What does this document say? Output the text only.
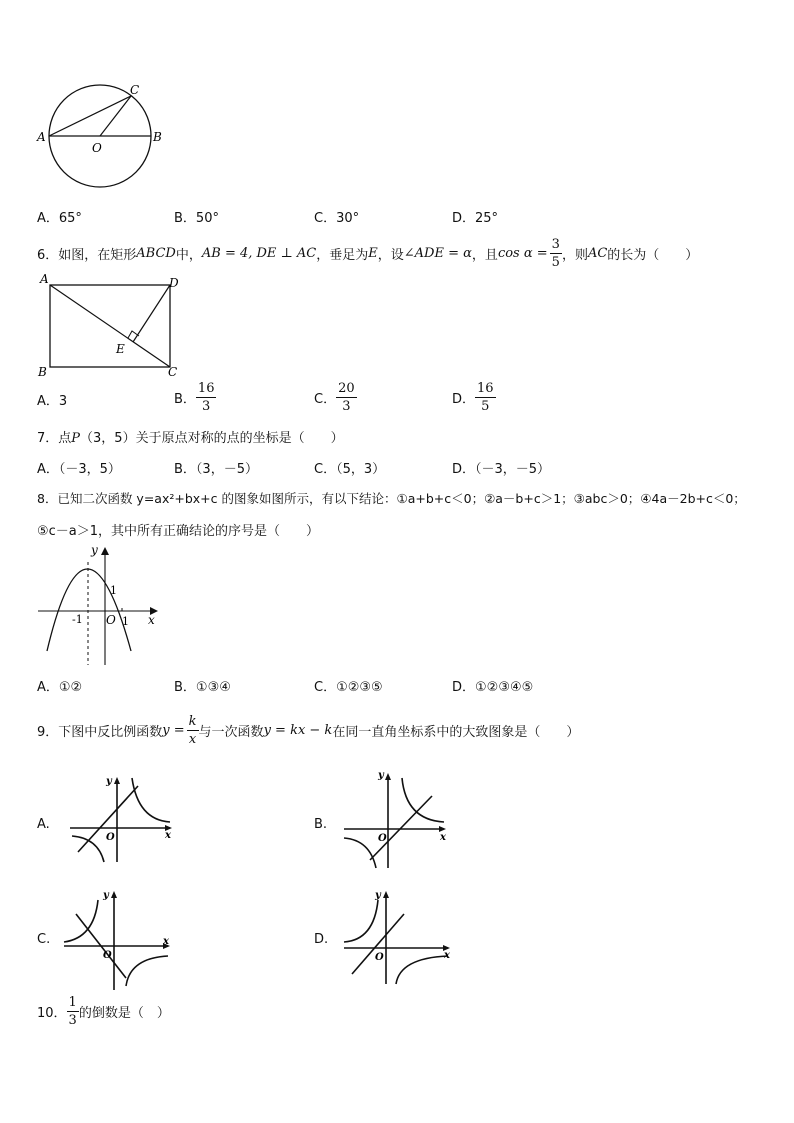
A	B
C
O
A．65°	B．50°	C．30°	D．25°
6． 如图，在矩形 ABCD 中， AB = 4, DE ⊥ AC ，垂足为 E ，设 ∠ADE = α ，且 $\cos \alpha = \frac{3}{5}$ ，则 AC 的长为（　　）
A	D
B	C
E
A．3	B． $\frac{16}{3}$	C． $\frac{20}{3}$	D． $\frac{16}{5}$
7．点P（3，5）关于原点对称的点的坐标是（　　）
A．（－3，5）	B．（3，－5）	C．（5，3）	D．（－3，－5）
8．已知二次函数 y=ax²+bx+c 的图象如图所示，有以下结论：①a+b+c＜0；②a－b+c＞1；③abc＞0；④4a－2b+c＜0；
⑤c－a＞1，其中所有正确结论的序号是（　　）
y
x
1
-1 O 1
A．①②	B．①③④	C．①②③⑤	D．①②③④⑤
9．下图中反比例函数 $y = \frac{k}{x}$ 与一次函数 y = kx − k 在同一直角坐标系中的大致图象是（　　）
A.
y
x
O
B.
y
x
O
C.
y
x
O
D.
y
x
O
10． $\frac{1}{3}$ 的倒数是（　）
